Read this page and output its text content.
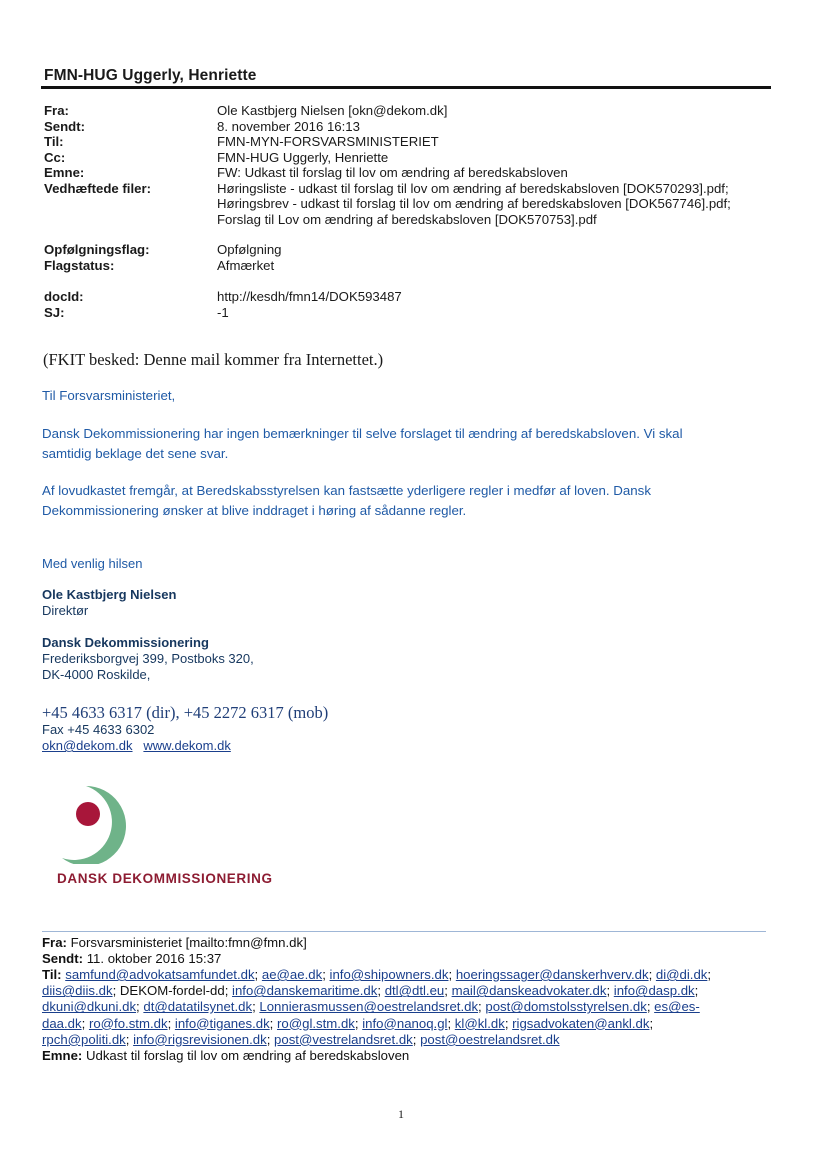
FMN-HUG Uggerly, Henriette
Fra:	Ole Kastbjerg Nielsen [okn@dekom.dk]
Sendt:	8. november 2016 16:13
Til:	FMN-MYN-FORSVARSMINISTERIET
Cc:	FMN-HUG Uggerly, Henriette
Emne:	FW: Udkast til forslag til lov om ændring af beredskabsloven
Vedhæftede filer:	Høringsliste - udkast til forslag til lov om ændring af beredskabsloven [DOK570293].pdf;
Høringsbrev - udkast til forslag til lov om ændring af beredskabsloven [DOK567746].pdf;
Forslag til Lov om ændring af beredskabsloven [DOK570753].pdf
Opfølgningsflag:	Opfølgning
Flagstatus:	Afmærket
docId:	http://kesdh/fmn14/DOK593487
SJ:	-1
(FKIT besked: Denne mail kommer fra Internettet.)
Til Forsvarsministeriet,
Dansk Dekommissionering har ingen bemærkninger til selve forslaget til ændring af beredskabsloven. Vi skal
samtidig beklage det sene svar.
Af lovudkastet fremgår, at Beredskabsstyrelsen kan fastsætte yderligere regler i medfør af loven. Dansk
Dekommissionering ønsker at blive inddraget i høring af sådanne regler.
Med venlig hilsen
Ole Kastbjerg Nielsen
Direktør
Dansk Dekommissionering
Frederiksborgvej 399, Postboks 320,
DK-4000 Roskilde,
+45 4633 6317 (dir), +45 2272 6317 (mob)
Fax +45 4633 6302
okn@dekom.dk www.dekom.dk
DANSK DEKOMMISSIONERING
Fra: Forsvarsministeriet [mailto:fmn@fmn.dk]
Sendt: 11. oktober 2016 15:37
Til: samfund@advokatsamfundet.dk; ae@ae.dk; info@shipowners.dk; hoeringssager@danskerhverv.dk; di@di.dk;
diis@diis.dk; DEKOM-fordel-dd; info@danskemaritime.dk; dtl@dtl.eu; mail@danskeadvokater.dk; info@dasp.dk;
dkuni@dkuni.dk; dt@datatilsynet.dk; Lonnierasmussen@oestrelandsret.dk; post@domstolsstyrelsen.dk; es@es-
daa.dk; ro@fo.stm.dk; info@tiganes.dk; ro@gl.stm.dk; info@nanoq.gl; kl@kl.dk; rigsadvokaten@ankl.dk;
rpch@politi.dk; info@rigsrevisionen.dk; post@vestrelandsret.dk; post@oestrelandsret.dk
Emne: Udkast til forslag til lov om ændring af beredskabsloven
1
